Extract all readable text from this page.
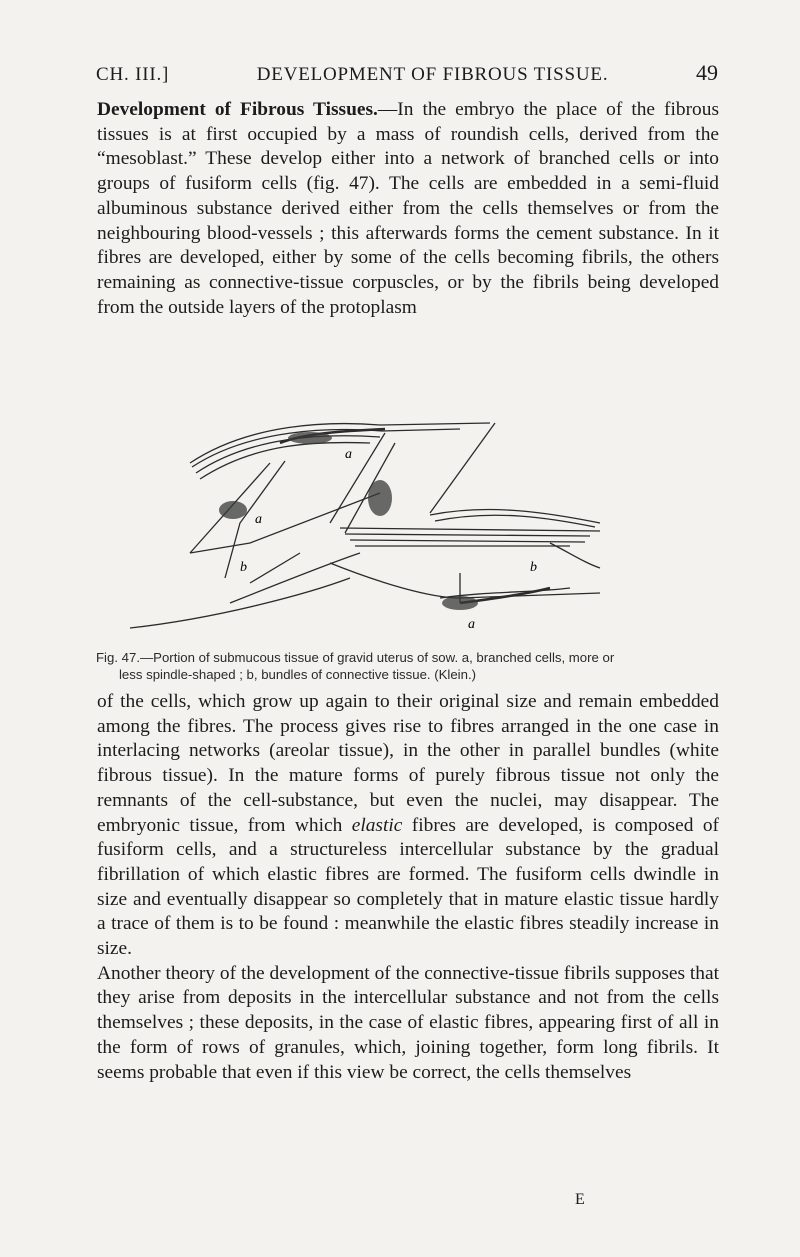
CH. III.]	DEVELOPMENT OF FIBROUS TISSUE.	49

Development of Fibrous Tissues.—In the embryo the place of the fibrous tissues is at first occupied by a mass of roundish cells, derived from the “mesoblast.” These develop either into a network of branched cells or into groups of fusiform cells (fig. 47). The cells are embedded in a semi-fluid albuminous substance derived either from the cells themselves or from the neighbouring blood-vessels ; this afterwards forms the cement substance. In it fibres are developed, either by some of the cells becoming fibrils, the others remaining as connective-tissue corpuscles, or by the fibrils being developed from the outside layers of the protoplasm

a
a
b	b
a
Fig. 47.—Portion of submucous tissue of gravid uterus of sow. a, branched cells, more or
less spindle-shaped ; b, bundles of connective tissue. (Klein.)

of the cells, which grow up again to their original size and remain embedded among the fibres. The process gives rise to fibres arranged in the one case in interlacing networks (areolar tissue), in the other in parallel bundles (white fibrous tissue). In the mature forms of purely fibrous tissue not only the remnants of the cell-substance, but even the nuclei, may disappear. The embryonic tissue, from which elastic fibres are developed, is composed of fusiform cells, and a structureless intercellular substance by the gradual fibrillation of which elastic fibres are formed. The fusiform cells dwindle in size and eventually disappear so completely that in mature elastic tissue hardly a trace of them is to be found : meanwhile the elastic fibres steadily increase in size.

Another theory of the development of the connective-tissue fibrils supposes that they arise from deposits in the intercellular substance and not from the cells themselves ; these deposits, in the case of elastic fibres, appearing first of all in the form of rows of granules, which, joining together, form long fibrils. It seems probable that even if this view be correct, the cells themselves

E
